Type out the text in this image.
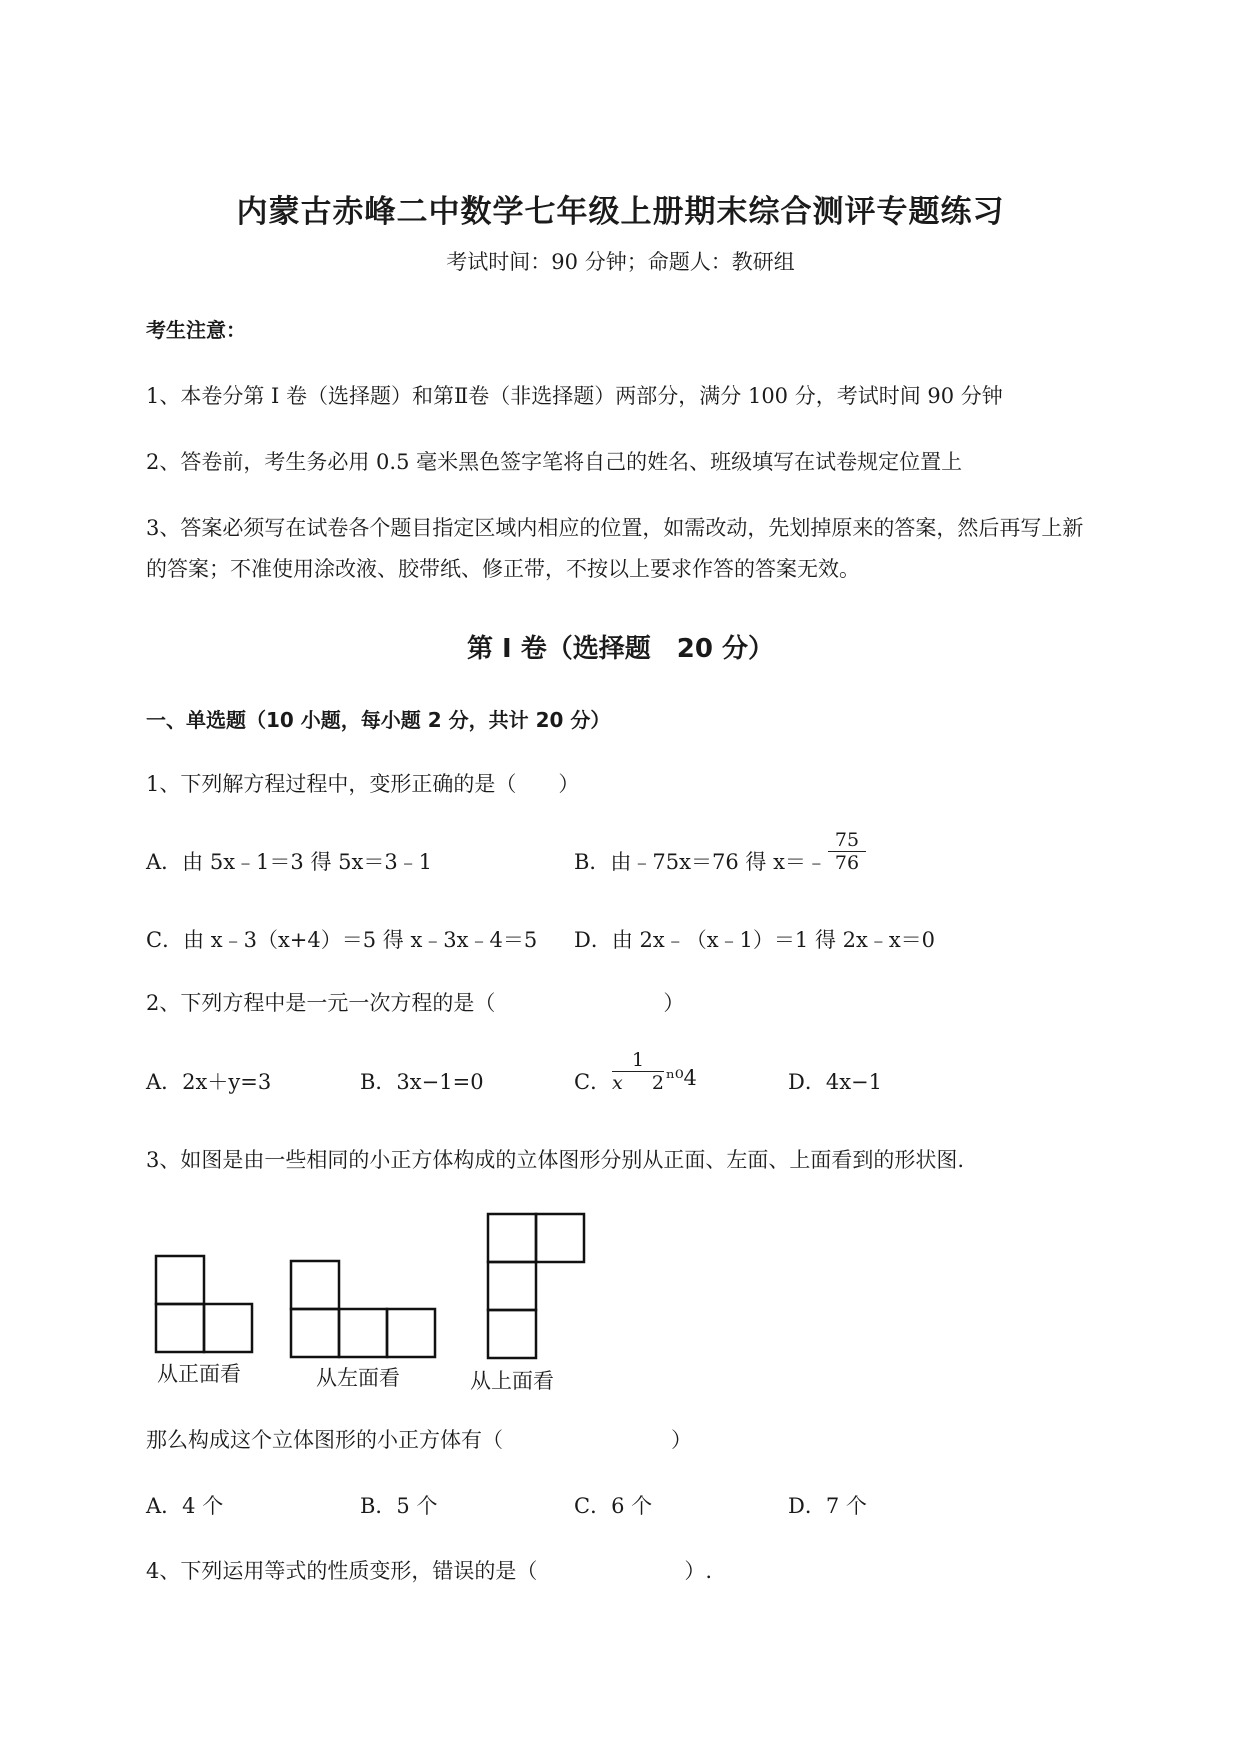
内蒙古赤峰二中数学七年级上册期末综合测评专题练习
考试时间：90 分钟；命题人：教研组
考生注意：
1、本卷分第 I 卷（选择题）和第Ⅱ卷（非选择题）两部分，满分 100 分，考试时间 90 分钟
2、答卷前，考生务必用 0.5 毫米黑色签字笔将自己的姓名、班级填写在试卷规定位置上
3、答案必须写在试卷各个题目指定区域内相应的位置，如需改动，先划掉原来的答案，然后再写上新
的答案；不准使用涂改液、胶带纸、修正带，不按以上要求作答的答案无效。
第 I 卷（选择题　20 分）
一、单选题（10 小题，每小题 2 分，共计 20 分）
1、下列解方程过程中，变形正确的是（　　）
A．由 5x﹣1＝3 得 5x＝3﹣1	B．由﹣75x＝76 得 x＝﹣
75
76
C．由 x﹣3（x+4）＝5 得 x﹣3x﹣4＝5 D．由 2x﹣（x﹣1）＝1 得 2x﹣x＝0
2、下列方程中是一元一次方程的是（　　　　　　　　）
A．2x＋y=3	B．3x−1=0	C．
1
x 2 ⁿ⁰4	D．4x−1
3、如图是由一些相同的小正方体构成的立体图形分别从正面、左面、上面看到的形状图.
从正面看	从左面看	从上面看
那么构成这个立体图形的小正方体有（　　　　　　　　）
A．4 个	B．5 个	C．6 个	D．7 个
4、下列运用等式的性质变形，错误的是（　　　　　　　）.
